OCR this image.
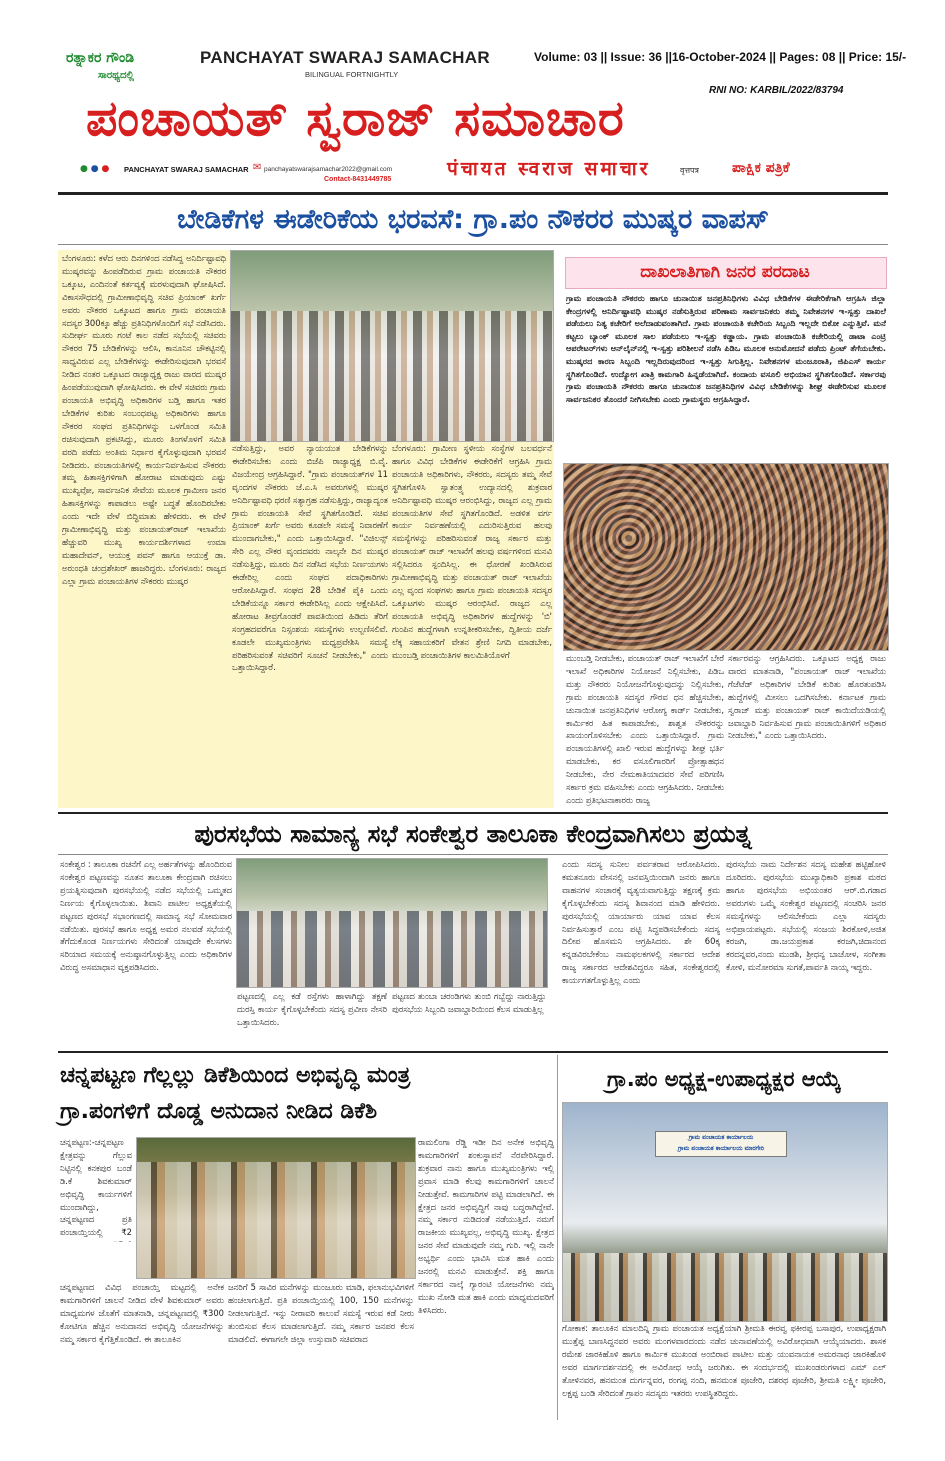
ರತ್ನಾಕರ ಗೌಂಡಿ
ಸಾರಥ್ಯದಲ್ಲಿ
PANCHAYAT SWARAJ SAMACHAR
BILINGUAL FORTNIGHTLY
Volume: 03 || Issue: 36 ||16-October-2024 || Pages: 08 || Price: 15/-
RNI NO: KARBIL/2022/83794
ಪಂಚಾಯತ್ ಸ್ವರಾಜ್ ಸಮಾಚಾರ
● ● ● PANCHAYAT SWARAJ SAMACHAR ✉ panchayatswarajsamachar2022@gmail.com
Contact-8431449785	पंचायत स्वराज समाचार	वृत्तपत्र ಪಾಕ್ಷಿಕ ಪತ್ರಿಕೆ
ಬೇಡಿಕೆಗಳ ಈಡೇರಿಕೆಯ ಭರವಸೆ: ಗ್ರಾ.ಪಂ ನೌಕರರ ಮುಷ್ಕರ ವಾಪಸ್
ಬೆಂಗಳೂರು: ಕಳೆದ ಆರು ದಿನಗಳಿಂದ ನಡೆಸಿದ್ದ ಅನಿರ್ದಿಷ್ಟಾವಧಿ ಮುಷ್ಕರವನ್ನು ಹಿಂಪಡೆದಿರುವ ಗ್ರಾಮ ಪಂಚಾಯತಿ ನೌಕರರ ಒಕ್ಕೂಟ, ಎಂದಿನಂತೆ ಕರ್ತವ್ಯಕ್ಕೆ ಮರಳುವುದಾಗಿ ಘೋಷಿಸಿದೆ. ವಿಕಾಸಸೌಧದಲ್ಲಿ ಗ್ರಾಮೀಣಾಭಿವೃದ್ಧಿ ಸಚಿವ ಪ್ರಿಯಾಂಕ್ ಖರ್ಗೆ ಅವರು ನೌಕರರ ಒಕ್ಕೂಟದ ಹಾಗೂ ಗ್ರಾಮ ಪಂಚಾಯತಿ ಸದಸ್ಯರ 300ಕ್ಕೂ ಹೆಚ್ಚು ಪ್ರತಿನಿಧಿಗಳೊಂದಿಗೆ ಸಭೆ ನಡೆಸಿದರು. ಸುದೀರ್ಘ ಮೂರು ಗಂಟೆ ಕಾಲ ನಡೆದ ಸಭೆಯಲ್ಲಿ ಸಚಿವರು ನೌಕರರ 75 ಬೇಡಿಕೆಗಳನ್ನು ಆಲಿಸಿ, ಕಾನೂನಿನ ಚೌಕಟ್ಟಿನಲ್ಲಿ ಸಾಧ್ಯವಿರುವ ಎಲ್ಲ ಬೇಡಿಕೆಗಳನ್ನು ಈಡೇರಿಸುವುದಾಗಿ ಭರವಸೆ ನೀಡಿದ ನಂತರ ಒಕ್ಕೂಟದ ರಾಜ್ಯಾಧ್ಯಕ್ಷ ರಾಜು ವಾರದ ಮುಷ್ಕರ ಹಿಂಪಡೆಯುವುದಾಗಿ ಘೋಷಿಸಿದರು. ಈ ವೇಳೆ ಸಚಿವರು ಗ್ರಾಮ ಪಂಚಾಯತಿ ಅಭಿವೃದ್ಧಿ ಅಧಿಕಾರಿಗಳ ಬಡ್ತಿ ಹಾಗೂ ಇತರ ಬೇಡಿಕೆಗಳ ಕುರಿತು ಸಂಬಂಧಪಟ್ಟ ಅಧಿಕಾರಿಗಳು ಹಾಗೂ ನೌಕರರ ಸಂಘದ ಪ್ರತಿನಿಧಿಗಳನ್ನು ಒಳಗೊಂಡ ಸಮಿತಿ ರಚಿಸುವುದಾಗಿ ಪ್ರಕಟಿಸಿದ್ದು, ಮೂರು ತಿಂಗಳೊಳಗೆ ಸಮಿತಿ ವರದಿ ಪಡೆದು ಅಂತಿಮ ನಿರ್ಧಾರ ಕೈಗೊಳ್ಳುವುದಾಗಿ ಭರವಸೆ ನೀಡಿದರು. ಪಂಚಾಯತಿಗಳಲ್ಲಿ ಕಾರ್ಯನಿರ್ವಹಿಸುವ ನೌಕರರು ತಮ್ಮ ಹಿತಾಸಕ್ತಿಗಳಿಗಾಗಿ ಹೋರಾಟ ಮಾಡುವುದು ಎಷ್ಟು ಮುಖ್ಯವೋ, ಸಾರ್ವಜನಿಕ ಸೇವೆಯ ಮೂಲಕ ಗ್ರಾಮೀಣ ಜನರ ಹಿತಾಸಕ್ತಿಗಳನ್ನು ಕಾಪಾಡಲು ಅಷ್ಟೇ ಬದ್ಧತೆ ಹೊಂದಿರಬೇಕು ಎಂದು ಇದೇ ವೇಳೆ ಬಿದ್ಧಿಮಾತು ಹೇಳಿದರು. ಈ ವೇಳೆ ಗ್ರಾಮೀಣಾಭಿವೃದ್ಧಿ ಮತ್ತು ಪಂಚಾಯತ್‌ರಾಜ್ ಇಲಾಖೆಯ ಹೆಚ್ಚುವರಿ ಮುಖ್ಯ ಕಾರ್ಯದರ್ಶಿಗಳಾದ ಉಮಾ ಮಹಾದೇವನ್, ಆಯುಕ್ತ ಪವನ್ ಹಾಗೂ ಆಯುಕ್ತೆ ಡಾ. ಅರುಂಧತಿ ಚಂದ್ರಶೇಖರ್ ಹಾಜರಿದ್ದರು. ಬೆಂಗಳೂರು: ರಾಜ್ಯದ ಎಲ್ಲಾ ಗ್ರಾಮ ಪಂಚಾಯತಿಗಳ ನೌಕರರು ಮುಷ್ಕರ
ನಡೆಸುತ್ತಿದ್ದು, ಅವರ ನ್ಯಾಯಯುತ ಬೇಡಿಕೆಗಳನ್ನು ಈಡೇರಿಸಬೇಕು ಎಂದು ಬಿಜೆಪಿ ರಾಜ್ಯಾಧ್ಯಕ್ಷ ಬಿ.ವೈ. ವಿಜಯೇಂದ್ರ ಆಗ್ರಹಿಸಿದ್ದಾರೆ. "ಗ್ರಾಮ ಪಂಚಾಯತ್‌ಗಳ 11 ವೃಂದಗಳ ನೌಕರರು ಜೆ.ಎ.ಸಿ ಅವರುಗಳಲ್ಲಿ ಮುಷ್ಕರ ಅನಿರ್ದಿಷ್ಟಾವಧಿ ಧರಣಿ ಸತ್ಯಾಗ್ರಹ ನಡೆಸುತ್ತಿದ್ದು, ರಾಜ್ಯಾದ್ಯಂತ ಗ್ರಾಮ ಪಂಚಾಯತಿ ಸೇವೆ ಸ್ಥಗಿತಗೊಂಡಿದೆ. ಸಚಿವ ಪ್ರಿಯಾಂಕ್ ಖರ್ಗೆ ಅವರು ಕೂಡಲೇ ಸಮಸ್ಯೆ ನಿವಾರಣೆಗೆ ಮುಂದಾಗಬೇಕು," ಎಂದು ಒತ್ತಾಯಿಸಿದ್ದಾರೆ. "ವಿಜಿಲನ್ಸ್ ಸೇರಿ ಎಲ್ಲ ನೌಕರ ವೃಂದದವರು ನಾಲ್ಕನೇ ದಿನ ಮುಷ್ಕರ ನಡೆಸುತ್ತಿದ್ದು, ಮೂರು ದಿನ ನಡೆಸಿದ ಸಭೆಯ ನಿರ್ಣಯಗಳು ಈಡೇರಿಲ್ಲ ಎಂದು ಸಂಘದ ಪದಾಧಿಕಾರಿಗಳು ಆರೋಪಿಸಿದ್ದಾರೆ. ಸಂಘದ 28 ಬೇಡಿಕೆ ಪೈಕಿ ಒಂದು ಬೇಡಿಕೆಯನ್ನೂ ಸರ್ಕಾರ ಈಡೇರಿಸಿಲ್ಲ ಎಂದು ಆಕ್ಷೇಪಿಸಿದೆ. ಹೋರಾಟ ತೀವ್ರಗೊಂಡರೆ ಪಾವತಿಯಿಂದ ಹಿಡಿದು ತೆರಿಗೆ ಸಂಗ್ರಹದವರೆಗೂ ನಿಸ್ಸಂಶಯ ಸಮಸ್ಯೆಗಳು ಉಲ್ಬಣಿಸಲಿವೆ. ಕೂಡಲೇ ಮುಖ್ಯಮಂತ್ರಿಗಳು ಮಧ್ಯಪ್ರವೇಶಿಸಿ ಸಮಸ್ಯೆ ಪರಿಹರಿಸುವಂತೆ ಸಚಿವರಿಗೆ ಸೂಚನೆ ನೀಡಬೇಕು," ಎಂದು ಒತ್ತಾಯಿಸಿದ್ದಾರೆ.
ಬೆಂಗಳೂರು: ಗ್ರಾಮೀಣ ಸ್ಥಳೀಯ ಸಂಸ್ಥೆಗಳ ಬಲವರ್ಧನೆ ಹಾಗೂ ವಿವಿಧ ಬೇಡಿಕೆಗಳ ಈಡೇರಿಕೆಗೆ ಆಗ್ರಹಿಸಿ ಗ್ರಾಮ ಪಂಚಾಯತಿ ಅಧಿಕಾರಿಗಳು, ನೌಕರರು, ಸದಸ್ಯರು ತಮ್ಮ ಸೇವೆ ಸ್ಥಗಿತಗೊಳಿಸಿ ಸ್ವಾತಂತ್ರ್ಯ ಉದ್ಯಾನದಲ್ಲಿ ಶುಕ್ರವಾರ ಅನಿರ್ದಿಷ್ಟಾವಧಿ ಮುಷ್ಕರ ಆರಂಭಿಸಿದ್ದು, ರಾಜ್ಯದ ಎಲ್ಲ ಗ್ರಾಮ ಪಂಚಾಯತಿಗಳ ಸೇವೆ ಸ್ಥಗಿತಗೊಂಡಿದೆ. ಅಡಳಿತ ವರ್ಗ ಕಾರ್ಯ ನಿರ್ವಹಣೆಯಲ್ಲಿ ಎದುರಿಸುತ್ತಿರುವ ಹಲವು ಸಮಸ್ಯೆಗಳನ್ನು ಪರಿಹರಿಸುವಂತೆ ರಾಜ್ಯ ಸರ್ಕಾರ ಮತ್ತು ಪಂಚಾಯತ್ ರಾಜ್ ಇಲಾಖೆಗೆ ಹಲವು ವರ್ಷಗಳಿಂದ ಮನವಿ ಸಲ್ಲಿಸಿದರೂ ಸ್ಪಂದಿಸಿಲ್ಲ. ಈ ಧೋರಣೆ ಖಂಡಿಸಿರುವ ಗ್ರಾಮೀಣಾಭಿವೃದ್ಧಿ ಮತ್ತು ಪಂಚಾಯತ್ ರಾಜ್ ಇಲಾಖೆಯ ಎಲ್ಲ ವೃಂದ ಸಂಘಗಳು ಹಾಗೂ ಗ್ರಾಮ ಪಂಚಾಯತಿ ಸದಸ್ಯರ ಒಕ್ಕೂಟಗಳು ಮುಷ್ಕರ ಆರಂಭಿಸಿವೆ. ರಾಜ್ಯದ ಎಲ್ಲ ಪಂಚಾಯತಿ ಅಭಿವೃದ್ಧಿ ಅಧಿಕಾರಿಗಳ ಹುದ್ದೆಗಳನ್ನು 'ಬಿ' ಗುಂಪಿನ ಹುದ್ದೆಗಳಾಗಿ ಉನ್ನತೀಕರಿಸಬೇಕು, ದ್ವಿತೀಯ ದರ್ಜೆ ಲೆಕ್ಕ ಸಹಾಯಕರಿಗೆ ವೇತನ ಶ್ರೇಣಿ ನಿಗದಿ ಮಾಡಬೇಕು, ಮುಂಬಡ್ತಿ ಪಂಚಾಯಿತಿಗಳ ಕಾಲಮಿತಿಯೊಳಗೆ
ದಾಖಲಾತಿಗಾಗಿ ಜನರ ಪರದಾಟ
ಗ್ರಾಮ ಪಂಚಾಯತಿ ನೌಕರರು ಹಾಗೂ ಚುನಾಯಿತ ಜನಪ್ರತಿನಿಧಿಗಳು ವಿವಿಧ ಬೇಡಿಕೆಗಳ ಈಡೇರಿಕೆಗಾಗಿ ಆಗ್ರಹಿಸಿ ಜಿಲ್ಲಾ ಕೇಂದ್ರಗಳಲ್ಲಿ ಅನಿರ್ದಿಷ್ಟಾವಧಿ ಮುಷ್ಕರ ನಡೆಸುತ್ತಿರುವ ಪರಿಣಾಮ ಸಾರ್ವಜನಿಕರು ತಮ್ಮ ನಿವೇಶನಗಳ ಇ-ಸ್ವತ್ತು ದಾಖಲೆ ಪಡೆಯಲು ನಿತ್ಯ ಕಚೇರಿಗೆ ಅಲೆದಾಡುವಂತಾಗಿದೆ. ಗ್ರಾಮ ಪಂಚಾಯತಿ ಕಚೇರಿಯ ಸಿಬ್ಬಂದಿ ಇಲ್ಲದೇ ಬಿಕೋ ಎನ್ನುತ್ತಿವೆ. ಮನೆ ಕಟ್ಟಲು ಬ್ಯಾಂಕ್ ಮೂಲಕ ಸಾಲ ಪಡೆಯಲು ಇ-ಸ್ವತ್ತು ಕಡ್ಡಾಯ. ಗ್ರಾಮ ಪಂಚಾಯಿತಿ ಕಚೇರಿಯಲ್ಲಿ ಡಾಟಾ ಎಂಟ್ರಿ ಆಪರೇಟರ್‌ಗಳು ಆನ್‌ಲೈನ್‌ನಲ್ಲಿ ಇ-ಸ್ವತ್ತು ಪರಿಶೀಲನೆ ನಡೆಸಿ ಪಿಡಿಒ ಮೂಲಕ ಅನುಮೋದನೆ ಪಡೆದು ಪ್ರಿಂಟ್ ತೆಗೆಯಬೇಕು. ಮುಷ್ಕರದ ಕಾರಣ ಸಿಬ್ಬಂದಿ ಇಲ್ಲದಿರುವುದರಿಂದ ಇ-ಸ್ವತ್ತು ಸಿಗುತ್ತಿಲ್ಲ. ನಿವೇಶನಗಳ ಮಂಜೂರಾತಿ, ಜಿಪಿಎಸ್ ಕಾರ್ಯ ಸ್ಥಗಿತಗೊಂಡಿದೆ. ಉದ್ಯೋಗ ಖಾತ್ರಿ ಕಾಮಗಾರಿ ಹಿನ್ನಡೆಯಾಗಿದೆ. ಕಂದಾಯ ವಸೂಲಿ ಅಭಿಯಾನ ಸ್ಥಗಿತಗೊಂಡಿದೆ. ಸರ್ಕಾರವು ಗ್ರಾಮ ಪಂಚಾಯತಿ ನೌಕರರು ಹಾಗೂ ಚುನಾಯಿತ ಜನಪ್ರತಿನಿಧಿಗಳ ವಿವಿಧ ಬೇಡಿಕೆಗಳನ್ನು ಶೀಘ್ರ ಈಡೇರಿಸುವ ಮೂಲಕ ಸಾರ್ವಜನಿಕರ ತೊಂದರೆ ನೀಗಿಸಬೇಕು ಎಂದು ಗ್ರಾಮಸ್ಥರು ಆಗ್ರಹಿಸಿದ್ದಾರೆ.
ಮುಂಬಡ್ತಿ ನೀಡಬೇಕು, ಪಂಚಾಯತ್ ರಾಜ್ ಇಲಾಖೆಗೆ ಬೇರೆ ಇಲಾಖೆ ಅಧಿಕಾರಿಗಳ ನಿಯೋಜನೆ ನಿಲ್ಲಿಸಬೇಕು, ಪಿಡಿಒ ಮತ್ತು ನೌಕರರು ನಿಯೋಜನೆಗೊಳ್ಳುವುದನ್ನು ನಿಲ್ಲಿಸಬೇಕು, ಗ್ರಾಮ ಪಂಚಾಯತಿ ಸದಸ್ಯರ ಗೌರವ ಧನ ಹೆಚ್ಚಿಸಬೇಕು, ಚುನಾಯಿತ ಜನಪ್ರತಿನಿಧಿಗಳ ಆರೋಗ್ಯ ಕಾರ್ಡ್‌ ನೀಡಬೇಕು, ಕಾರ್ಮಿಕರ ಹಿತ ಕಾಪಾಡಬೇಕು, ಶಾಶ್ವತ ನೌಕರರನ್ನು ಖಾಯಂಗೊಳಿಸಬೇಕು ಎಂದು ಒತ್ತಾಯಿಸಿದ್ದಾರೆ. ಗ್ರಾಮ ಪಂಚಾಯತಿಗಳಲ್ಲಿ ಖಾಲಿ ಇರುವ ಹುದ್ದೆಗಳನ್ನು ಶೀಘ್ರ ಭರ್ತಿ ಮಾಡಬೇಕು, ಕರ ವಸೂಲಿಗಾರರಿಗೆ ಪ್ರೋತ್ಸಾಹಧನ ನೀಡಬೇಕು, ನೇರ ನೇಮಕಾತಿಯಾದವರ ಸೇವೆ ಪರಿಗಣಿಸಿ ಸರ್ಕಾರ ಕ್ರಮ ವಹಿಸಬೇಕು ಎಂದು ಆಗ್ರಹಿಸಿದರು. ನೀಡಬೇಕು ಎಂದು ಪ್ರತಿಭಟನಾಕಾರರು ರಾಜ್ಯ
ಸರ್ಕಾರವನ್ನು ಆಗ್ರಹಿಸಿದರು. ಒಕ್ಕೂಟದ ಅಧ್ಯಕ್ಷ ರಾಜು ವಾರದ ಮಾತನಾಡಿ, "ಪಂಚಾಯತ್ ರಾಜ್ ಇಲಾಖೆಯ ಗೆಜೆಟೆಡ್ ಅಧಿಕಾರಿಗಳ ಬೇಡಿಕೆ ಕುರಿತು ಹೊರತುಪಡಿಸಿ ಹುದ್ದೆಗಳಲ್ಲಿ ಮೀಸಲು ಒದಗಿಸಬೇಕು. ಕರ್ನಾಟಕ ಗ್ರಾಮ ಸ್ವರಾಜ್ ಮತ್ತು ಪಂಚಾಯತ್ ರಾಜ್ ಕಾಯಿದೆಯಡಿಯಲ್ಲಿ ಜವಾಬ್ದಾರಿ ನಿರ್ವಹಿಸುವ ಗ್ರಾಮ ಪಂಚಾಯಿತಿಗಳಿಗೆ ಅಧಿಕಾರ ನೀಡಬೇಕು," ಎಂದು ಒತ್ತಾಯಿಸಿದರು.
ಪುರಸಭೆಯ ಸಾಮಾನ್ಯ ಸಭೆ ಸಂಕೇಶ್ವರ ತಾಲೂಕಾ ಕೇಂದ್ರವಾಗಿಸಲು ಪ್ರಯತ್ನ
ಸಂಕೇಶ್ವರ : ತಾಲೂಕಾ ರಚನೆಗೆ ಎಲ್ಲ ಅರ್ಹತೆಗಳನ್ನು ಹೊಂದಿರುವ ಸಂಕೇಶ್ವರ ಪಟ್ಟಣವನ್ನು ನೂತನ ತಾಲೂಕಾ ಕೇಂದ್ರವಾಗಿ ರಚಿಸಲು ಪ್ರಯತ್ನಿಸುವುದಾಗಿ ಪುರಸಭೆಯಲ್ಲಿ ನಡೆದ ಸಭೆಯಲ್ಲಿ ಒಮ್ಮತದ ನಿರ್ಣಯ ಕೈಗೊಳ್ಳಲಾಯಿತು. ಶಿವಾನಿ ಪಾಟೀಲ ಅಧ್ಯಕ್ಷತೆಯಲ್ಲಿ ಪಟ್ಟಣದ ಪುರಸಭೆ ಸಭಾಂಗಣದಲ್ಲಿ ಸಾಮಾನ್ಯ ಸಭೆ ಸೋಮವಾರ ನಡೆಯಿತು. ಪುರಸಭೆ ಹಾಗೂ ಅಧ್ಯಕ್ಷ ಅಮರ ನಲವಡೆ ಸಭೆಯಲ್ಲಿ ತೆಗೆದುಕೊಂಡ ನಿರ್ಣಯಗಳು ಸೇರಿದಂತೆ ಯಾವುದೇ ಕೆಲಸಗಳು ಸರಿಯಾದ ಸಮಯಕ್ಕೆ ಅನುಷ್ಠಾನಗೊಳ್ಳುತ್ತಿಲ್ಲ ಎಂದು ಅಧಿಕಾರಿಗಳ ವಿರುದ್ಧ ಅಸಮಾಧಾನ ವ್ಯಕ್ತಪಡಿಸಿದರು.
ಪಟ್ಟಣದಲ್ಲಿ ಎಲ್ಲ ಕಡೆ ರಸ್ತೆಗಳು ಹಾಳಾಗಿದ್ದು ತಕ್ಷಣೆ ದುರಸ್ತಿ ಕಾರ್ಯ ಕೈಗೊಳ್ಳಬೇಕೆಂದು ಸದಸ್ಯ ಪ್ರವೀಣ ನೇಸರಿ ಒತ್ತಾಯಿಸಿದರು.
ಪಟ್ಟಣದ ತುಂಬಾ ಚರಂಡಿಗಳು ತುಂಬಿ ಗಬ್ಬೆದ್ದು ನಾರುತ್ತಿದ್ದು ಪುರಸಭೆಯ ಸಿಬ್ಬಂದಿ ಜವಾಬ್ದಾರಿಯಿಂದ ಕೆಲಸ ಮಾಡುತ್ತಿಲ್ಲ
ಎಂದು ಸದಸ್ಯ ಸುನೀಲ ಪರ್ವತರಾವ ಆರೋಪಿಸಿದರು. ಕಮತನೂರು ವೇಸನಲ್ಲಿ ಜನವಸ್ತಿಯಿಂದಾಗಿ ಜನರು ಹಾಗೂ ವಾಹನಗಳ ಸಂಚಾರಕ್ಕೆ ವ್ಯತ್ಯಯವಾಗುತ್ತಿದ್ದು ತಕ್ಷಣಕ್ಕೆ ಕ್ರಮ ಕೈಗೊಳ್ಳಬೇಕೆಂದು ಸದಸ್ಯ ಶಿವಾನಂದ ಮಾಡಿ ಹೇಳಿದರು. ಪುರಸಭೆಯಲ್ಲಿ ಯಾರ್ಯಾರು ಯಾವ ಯಾವ ಕೆಲಸ ನಿರ್ವಹಿಸುತ್ತಾರೆ ಎಂಬ ಪಟ್ಟಿ ಸಿದ್ಧಪಡಿಸಬೇಕೆಂದು ಸದಸ್ಯ ದಿಲೀಪ ಹೊಸಮನಿ ಆಗ್ರಹಿಸಿದರು. ಶೇ 60ಕ್ಕ ಕನ್ನಡವಿರಬೇಕೆಂಬ ನಾಮಫಲಕಗಳಲ್ಲಿ ಸರ್ಕಾರದ ಆದೇಶ ರಾಜ್ಯ ಸರ್ಕಾರದ ಆದೇಶವಿದ್ದರೂ ಸಹಿತ, ಸಂಕೇಶ್ವರದಲ್ಲಿ ಕಾರ್ಯಗತಗೊಳ್ಳುತ್ತಿಲ್ಲ ಎಂದು
ಪುರಸಭೆಯ ನಾಮ ನಿರ್ದೇಶನ ಸದಸ್ಯ ಮಹೇಶ ಹಟ್ಟಿಹೋಳಿ ದೂರಿದರು. ಪುರಸಭೆಯ ಮುಖ್ಯಾಧಿಕಾರಿ ಪ್ರಕಾಶ ಮಠದ ಹಾಗೂ ಪುರಸಭೆಯ ಅಭಿಯಂತರ ಆರ್.ಬಿ.ಗಡಾದ ಅವರುಗಳು ಒಮ್ಮೆ ಸಂಕೇಶ್ವರ ಪಟ್ಟಣದಲ್ಲಿ ಸಂಚರಿಸಿ ಜನರ ಸಮಸ್ಯೆಗಳನ್ನು ಆಲಿಸಬೇಕೆಂದು ಎಲ್ಲಾ ಸದಸ್ಯರು ಅಭಿಪ್ರಾಯಪಟ್ಟರು. ಸಭೆಯಲ್ಲಿ ಸಂಜಯ ಶಿರಕೋಳಿ,ಅಜಿತ ಕರಜಗಿ, ಡಾ.ಜಯಪ್ರಕಾಶ ಕರಜಗಿ,ಚಿದಾನಂದ ಕರದನ್ನವರ,ನಂದು ಮುಡಶಿ, ಶ್ರೀಧನ್ಯ ಬಾಚೋಳ, ಸಂಗೀತಾ ಕೋಳಿ, ಮನೋರಮಾ ಸುಗತೆ,ಪಾರ್ವತಿ ನಾಯ್ಕ ಇದ್ದರು.
ಚನ್ನಪಟ್ಟಣ ಗೆಲ್ಲಲ್ಲು ಡಿಕೆಶಿಯಿಂದ ಅಭಿವೃದ್ಧಿ ಮಂತ್ರ
ಗ್ರಾ.ಪಂಗಳಿಗೆ ದೊಡ್ಡ ಅನುದಾನ ನೀಡಿದ ಡಿಕೆಶಿ
ಚನ್ನಪಟ್ಟಣ:-ಚನ್ನಪಟ್ಟಣ ಕ್ಷೇತ್ರವನ್ನು ಗೆಲ್ಲುವ ನಿಟ್ಟಿನಲ್ಲಿ ಕನಕಪುರ ಬಂಡೆ ಡಿ.ಕೆ ಶಿವಕುಮಾರ್ ಅಭಿವೃದ್ಧಿ ಕಾರ್ಯಗಳಿಗೆ ಮುಂದಾಗಿದ್ದು, ಚನ್ನಪಟ್ಟಣದ ಪ್ರತಿ ಪಂಚಾಯ್ತಿಯಲ್ಲಿ ₹2
ಚನ್ನಪಟ್ಟಣದ ವಿವಿಧ ಪಂಚಾಯ್ತಿ ಮಟ್ಟದಲ್ಲಿ ಅನೇಕ ಕಾಮಗಾರಿಗಳಿಗೆ ಚಾಲನೆ ನೀಡಿದ ವೇಳೆ ಶಿವಕುಮಾರ್ ಅವರು ಮಾಧ್ಯಮಗಳ ಜೊತೆಗೆ ಮಾತನಾಡಿ, ಚನ್ನಪಟ್ಟಣದಲ್ಲಿ ₹300 ಕೋಟಿಗೂ ಹೆಚ್ಚಿನ ಅನುದಾನದ ಅಭಿವೃದ್ಧಿ ಯೋಜನೆಗಳನ್ನು ನಮ್ಮ ಸರ್ಕಾರ ಕೈಗೆತ್ತಿಕೊಂಡಿದೆ. ಈ ತಾಲೂಕಿನ
ಜನರಿಗೆ 5 ಸಾವಿರ ಮನೆಗಳನ್ನು ಮಂಜೂರು ಮಾಡಿ, ಫಲಾನುಭವಿಗಳಿಗೆ ಹಂಚಲಾಗುತ್ತಿದೆ. ಪ್ರತಿ ಪಂಚಾಯ್ತಿಯಲ್ಲಿ 100, 150 ಮನೆಗಳನ್ನು ನೀಡಲಾಗುತ್ತಿದೆ. ಇನ್ನು ನೀರಾವರಿ ಕಾಲುವೆ ಸಮಸ್ಯೆ ಇರುವ ಕಡೆ ನೀರು ತುಂಬಿಸುವ ಕೆಲಸ ಮಾಡಲಾಗುತ್ತಿದೆ. ನಮ್ಮ ಸರ್ಕಾರ ಜನಪರ ಕೆಲಸ ಮಾಡಲಿದೆ. ಈಗಾಗಲೇ ಜಿಲ್ಲಾ ಉಸ್ತುವಾರಿ ಸಚಿವರಾದ
ರಾಮಲಿಂಗಾ ರೆಡ್ಡಿ ಇಡೀ ದಿನ ಅನೇಕ ಅಭಿವೃದ್ಧಿ ಕಾಮಗಾರಿಗಳಿಗೆ ಶಂಕುಸ್ಥಾಪನೆ ನೆರವೇರಿಸಿದ್ದಾರೆ. ಶುಕ್ರವಾರ ನಾನು ಹಾಗೂ ಮುಖ್ಯಮಂತ್ರಿಗಳು ಇಲ್ಲಿ ಪ್ರವಾಸ ಮಾಡಿ ಕೆಲವು ಕಾಮಗಾರಿಗಳಿಗೆ ಚಾಲನೆ ನೀಡುತ್ತೇವೆ. ಕಾಮಗಾರಿಗಳ ಪಟ್ಟಿ ಮಾಡಲಾಗಿದೆ. ಈ ಕ್ಷೇತ್ರದ ಜನರ ಅಭಿವೃದ್ಧಿಗೆ ನಾವು ಬದ್ಧರಾಗಿದ್ದೇವೆ. ನಮ್ಮ ಸರ್ಕಾರ ನುಡಿದಂತೆ ನಡೆಯುತ್ತಿದೆ. ನಮಗೆ ರಾಜಕೀಯ ಮುಖ್ಯವಲ್ಲ, ಅಭಿವೃದ್ಧಿ ಮುಖ್ಯ. ಕ್ಷೇತ್ರದ ಜನರ ಸೇವೆ ಮಾಡುವುದೇ ನಮ್ಮ ಗುರಿ. ಇಲ್ಲಿ ನಾನೇ ಅಭ್ಯರ್ಥಿ ಎಂದು ಭಾವಿಸಿ ಮತ ಹಾಕಿ ಎಂದು ಜನರಲ್ಲಿ ಮನವಿ ಮಾಡುತ್ತೇನೆ. ಶಕ್ತಿ ಹಾಗೂ ಸರ್ಕಾರದ ನಾಲ್ಕೆ ಗ್ಯಾರಂಟಿ ಯೋಜನೆಗಳು ನಮ್ಮ ಮುಖ ನೋಡಿ ಮತ ಹಾಕಿ ಎಂದು ಮಾಧ್ಯಮದವರಿಗೆ ತಿಳಿಸಿದರು.
ಗ್ರಾ.ಪಂ ಅಧ್ಯಕ್ಷ-ಉಪಾಧ್ಯಕ್ಷರ ಆಯ್ಕೆ
ಗ್ರಾಮ ಪಂಚಾಯತ ಕಾರ್ಯಾಲಯ
ಗ್ರಾಮ ಪಂಚಾಯತ ಕಾರ್ಯಾಲಯ ಮಾರಗೇರಿ
ಗೋಕಾಕ: ತಾಲೂಕಿನ ಮಾಲದಿನ್ನಿ ಗ್ರಾಮ ಪಂಚಾಯತ ಅಧ್ಯಕ್ಷೆಯಾಗಿ ಶ್ರೀಮತಿ ಈರವ್ವ ಫಕೀರಪ್ಪ ಬಸಾಪುರ, ಉಪಾಧ್ಯಕ್ಷರಾಗಿ ಮುತ್ತೆಪ್ಪ ಬಾಣಸಿದ್ದನವರ ಅವರು ಮಂಗಳವಾರದಂದು ನಡೆದ ಚುನಾವಣೆಯಲ್ಲಿ ಅವಿರೋಧವಾಗಿ ಆಯ್ಕೆಯಾದರು. ಶಾಸಕ ರಮೇಶ ಜಾರಕಿಹೊಳಿ ಹಾಗೂ ಕಾರ್ಮಿಕ ಮುಖಂಡ ಅಂಬಿರಾವ ಪಾಟೀಲ ಮತ್ತು ಯುವನಾಯಕ ಅಮರನಾಥ ಜಾರಕಿಹೊಳಿ ಅವರ ಮಾರ್ಗದರ್ಶನದಲ್ಲಿ ಈ ಅವಿರೋಧ ಆಯ್ಕೆ ಜರುಗಿತು. ಈ ಸಂದರ್ಭದಲ್ಲಿ ಮುಖಂಡರುಗಳಾದ ಎಮ್ ಎಲ್ ತೋಳಿನವರ, ಹನಮಂತ ದುರ್ಗನ್ನವರ, ರಂಗಪ್ಪ ನಂದಿ, ಹನಮಂತ ಪೂಜೇರಿ, ದಶರಥ ಪೂಜೇರಿ, ಶ್ರೀಮತಿ ಲಕ್ಷ್ಮೀ ಪೂಜೇರಿ, ಲಕ್ಷಪ್ಪ ಬಂಡಿ ಸೇರಿದಂತೆ ಗ್ರಾಪಂ ಸದಸ್ಯರು ಇತರರು ಉಪಸ್ಥಿತರಿದ್ದರು.
